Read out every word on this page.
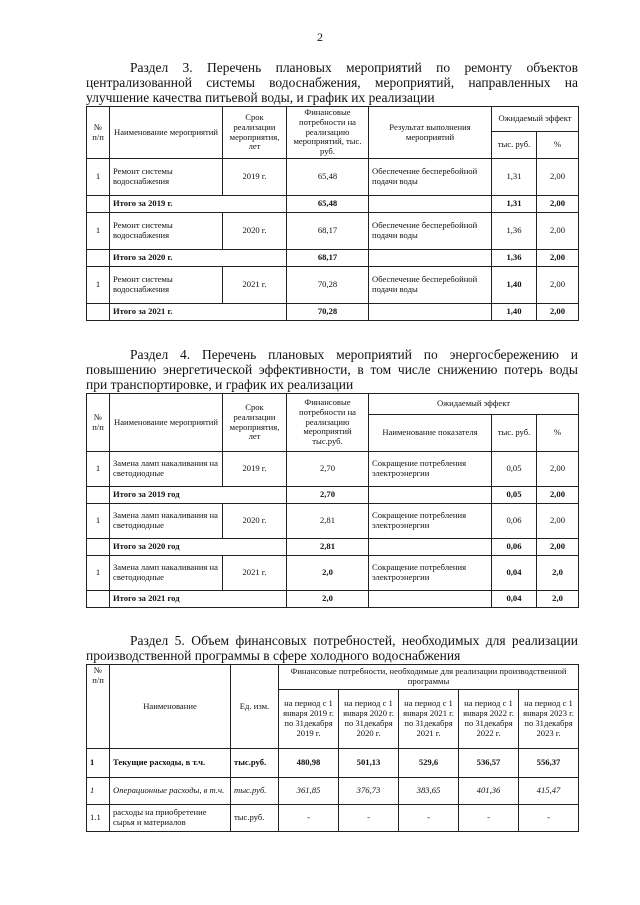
2
Раздел 3. Перечень плановых мероприятий по ремонту объектов
централизованной системы водоснабжения, мероприятий, направленных на
улучшение качества питьевой воды, и график их реализации
№ п/п	Наименование мероприятий	Срок реализации мероприятия, лет	Финансовые потребности на реализацию мероприятий, тыс. руб.	Результат выполнения мероприятий	Ожидаемый эффект	
					тыс. руб.	%
1	Ремонт системы водоснабжения	2019 г.	65,48	Обеспечение бесперебойной подачи воды	1,31	2,00
	Итого за 2019 г.		65,48		1,31	2,00
1	Ремонт системы водоснабжения	2020 г.	68,17	Обеспечение бесперебойной подачи воды	1,36	2,00
	Итого за 2020 г.		68,17		1,36	2,00
1	Ремонт системы водоснабжения	2021 г.	70,28	Обеспечение бесперебойной подачи воды	1,40	2,00
	Итого за 2021 г.		70,28		1,40	2,00
Раздел 4. Перечень плановых мероприятий по энергосбережению и
повышению энергетической эффективности, в том числе снижению потерь воды
при транспортировке, и график их реализации
№ п/п	Наименование мероприятий	Срок реализации мероприятия, лет	Финансовые потребности на реализацию мероприятий тыс.руб.	Ожидаемый эффект		
				Наименование показателя	тыс. руб.	%
1	Замена ламп накаливания на светодиодные	2019 г.	2,70	Сокращение потребления электроэнергии	0,05	2,00
	Итого за 2019 год		2,70		0,05	2,00
1	Замена ламп накаливания на светодиодные	2020 г.	2,81	Сокращение потребления электроэнергии	0,06	2,00
	Итого за 2020 год		2,81		0,06	2,00
1	Замена ламп накаливания на светодиодные	2021 г.	2,0	Сокращение потребления электроэнергии	0,04	2,0
	Итого за 2021 год		2,0		0,04	2,0
Раздел 5. Объем финансовых потребностей, необходимых для реализации
производственной программы в сфере холодного водоснабжения
№ п/п	Наименование	Ед. изм.	Финансовые потребности, необходимые для реализации производственной программы				
			на период с 1 января 2019 г. по 31декабря 2019 г.	на период с 1 января 2020 г. по 31декабря 2020 г.	на период с 1 января 2021 г. по 31декабря 2021 г.	на период с 1 января 2022 г. по 31декабря 2022 г.	на период с 1 января 2023 г. по 31декабря 2023 г.
1	Текущие расходы, в т.ч.	тыс.руб.	480,98	501,13	529,6	536,57	556,37
1	Операционные расходы, в т.ч.	тыс.руб.	361,85	376,73	383,65	401,36	415,47
1.1	расходы на приобретение сырья и материалов	тыс.руб.	-	-	-	-	-
